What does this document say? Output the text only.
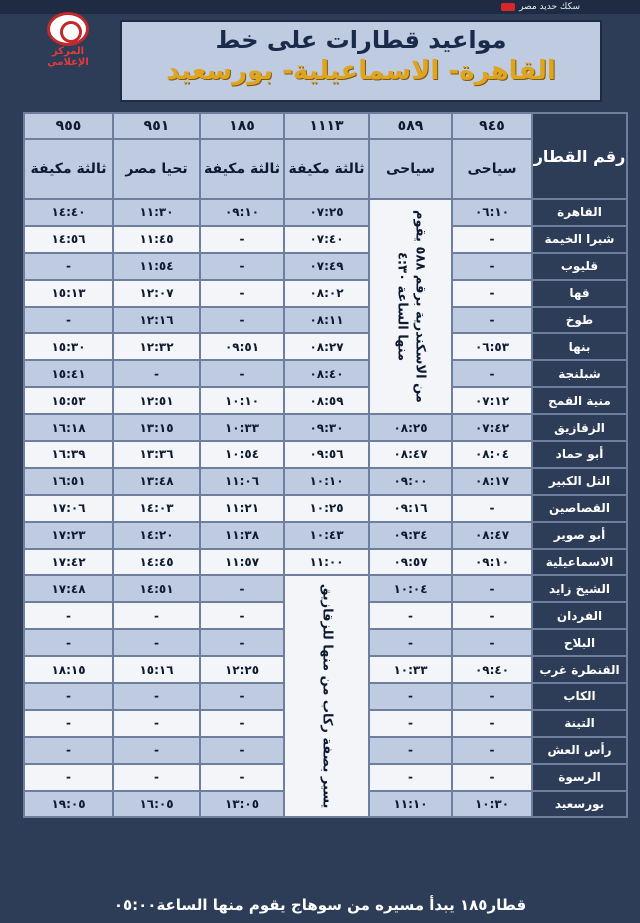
سكك حديد مصر
المركز الإعلامي
مواعيد قطارات على خط
القاهرة- الاسماعيلية- بورسعيد
رقم القطار	٩٤٥	٥٨٩	١١١٣	١٨٥	٩٥١	٩٥٥
	سياحى	سياحى	ثالثة مكيفة	ثالثة مكيفة	تحيا مصر	ثالثة مكيفة
القاهرة	٠٦:١٠	من الاسكندرية برقم ٥٨٨ يقوم منها الساعة ٤:٣٠	٠٧:٢٥	٠٩:١٠	١١:٣٠	١٤:٤٠
شبرا الخيمة	-		٠٧:٤٠	-	١١:٤٥	١٤:٥٦
قليوب	-		٠٧:٤٩	-	١١:٥٤	-
قها	-		٠٨:٠٢	-	١٢:٠٧	١٥:١٣
طوخ	-		٠٨:١١	-	١٢:١٦	-
بنها	٠٦:٥٣		٠٨:٢٧	٠٩:٥١	١٢:٣٢	١٥:٣٠
شبلنجة	-		٠٨:٤٠	-	-	١٥:٤١
منية القمح	٠٧:١٢		٠٨:٥٩	١٠:١٠	١٢:٥١	١٥:٥٣
الزقازيق	٠٧:٤٢	٠٨:٢٥	٠٩:٣٠	١٠:٣٣	١٣:١٥	١٦:١٨
أبو حماد	٠٨:٠٤	٠٨:٤٧	٠٩:٥٦	١٠:٥٤	١٣:٣٦	١٦:٣٩
التل الكبير	٠٨:١٧	٠٩:٠٠	١٠:١٠	١١:٠٦	١٣:٤٨	١٦:٥١
القصاصين	-	٠٩:١٦	١٠:٢٥	١١:٢١	١٤:٠٣	١٧:٠٦
أبو صوير	٠٨:٤٧	٠٩:٣٤	١٠:٤٣	١١:٣٨	١٤:٢٠	١٧:٢٣
الاسماعيلية	٠٩:١٠	٠٩:٥٧	١١:٠٠	١١:٥٧	١٤:٤٥	١٧:٤٢
الشيخ زايد	-	١٠:٠٤	يسير بصفة ركاب من منها للزقازيق	-	١٤:٥١	١٧:٤٨
الفردان	-	-		-	-	-
البلاح	-	-		-	-	-
القنطرة غرب	٠٩:٤٠	١٠:٣٣		١٢:٢٥	١٥:١٦	١٨:١٥
الكاب	-	-		-	-	-
التينة	-	-		-	-	-
رأس العش	-	-		-	-	-
الرسوة	-	-		-	-	-
بورسعيد	١٠:٣٠	١١:١٠		١٣:٠٥	١٦:٠٥	١٩:٠٥
قطار١٨٥ يبدأ مسيره من سوهاج يقوم منها الساعة٠٥:٠٠
